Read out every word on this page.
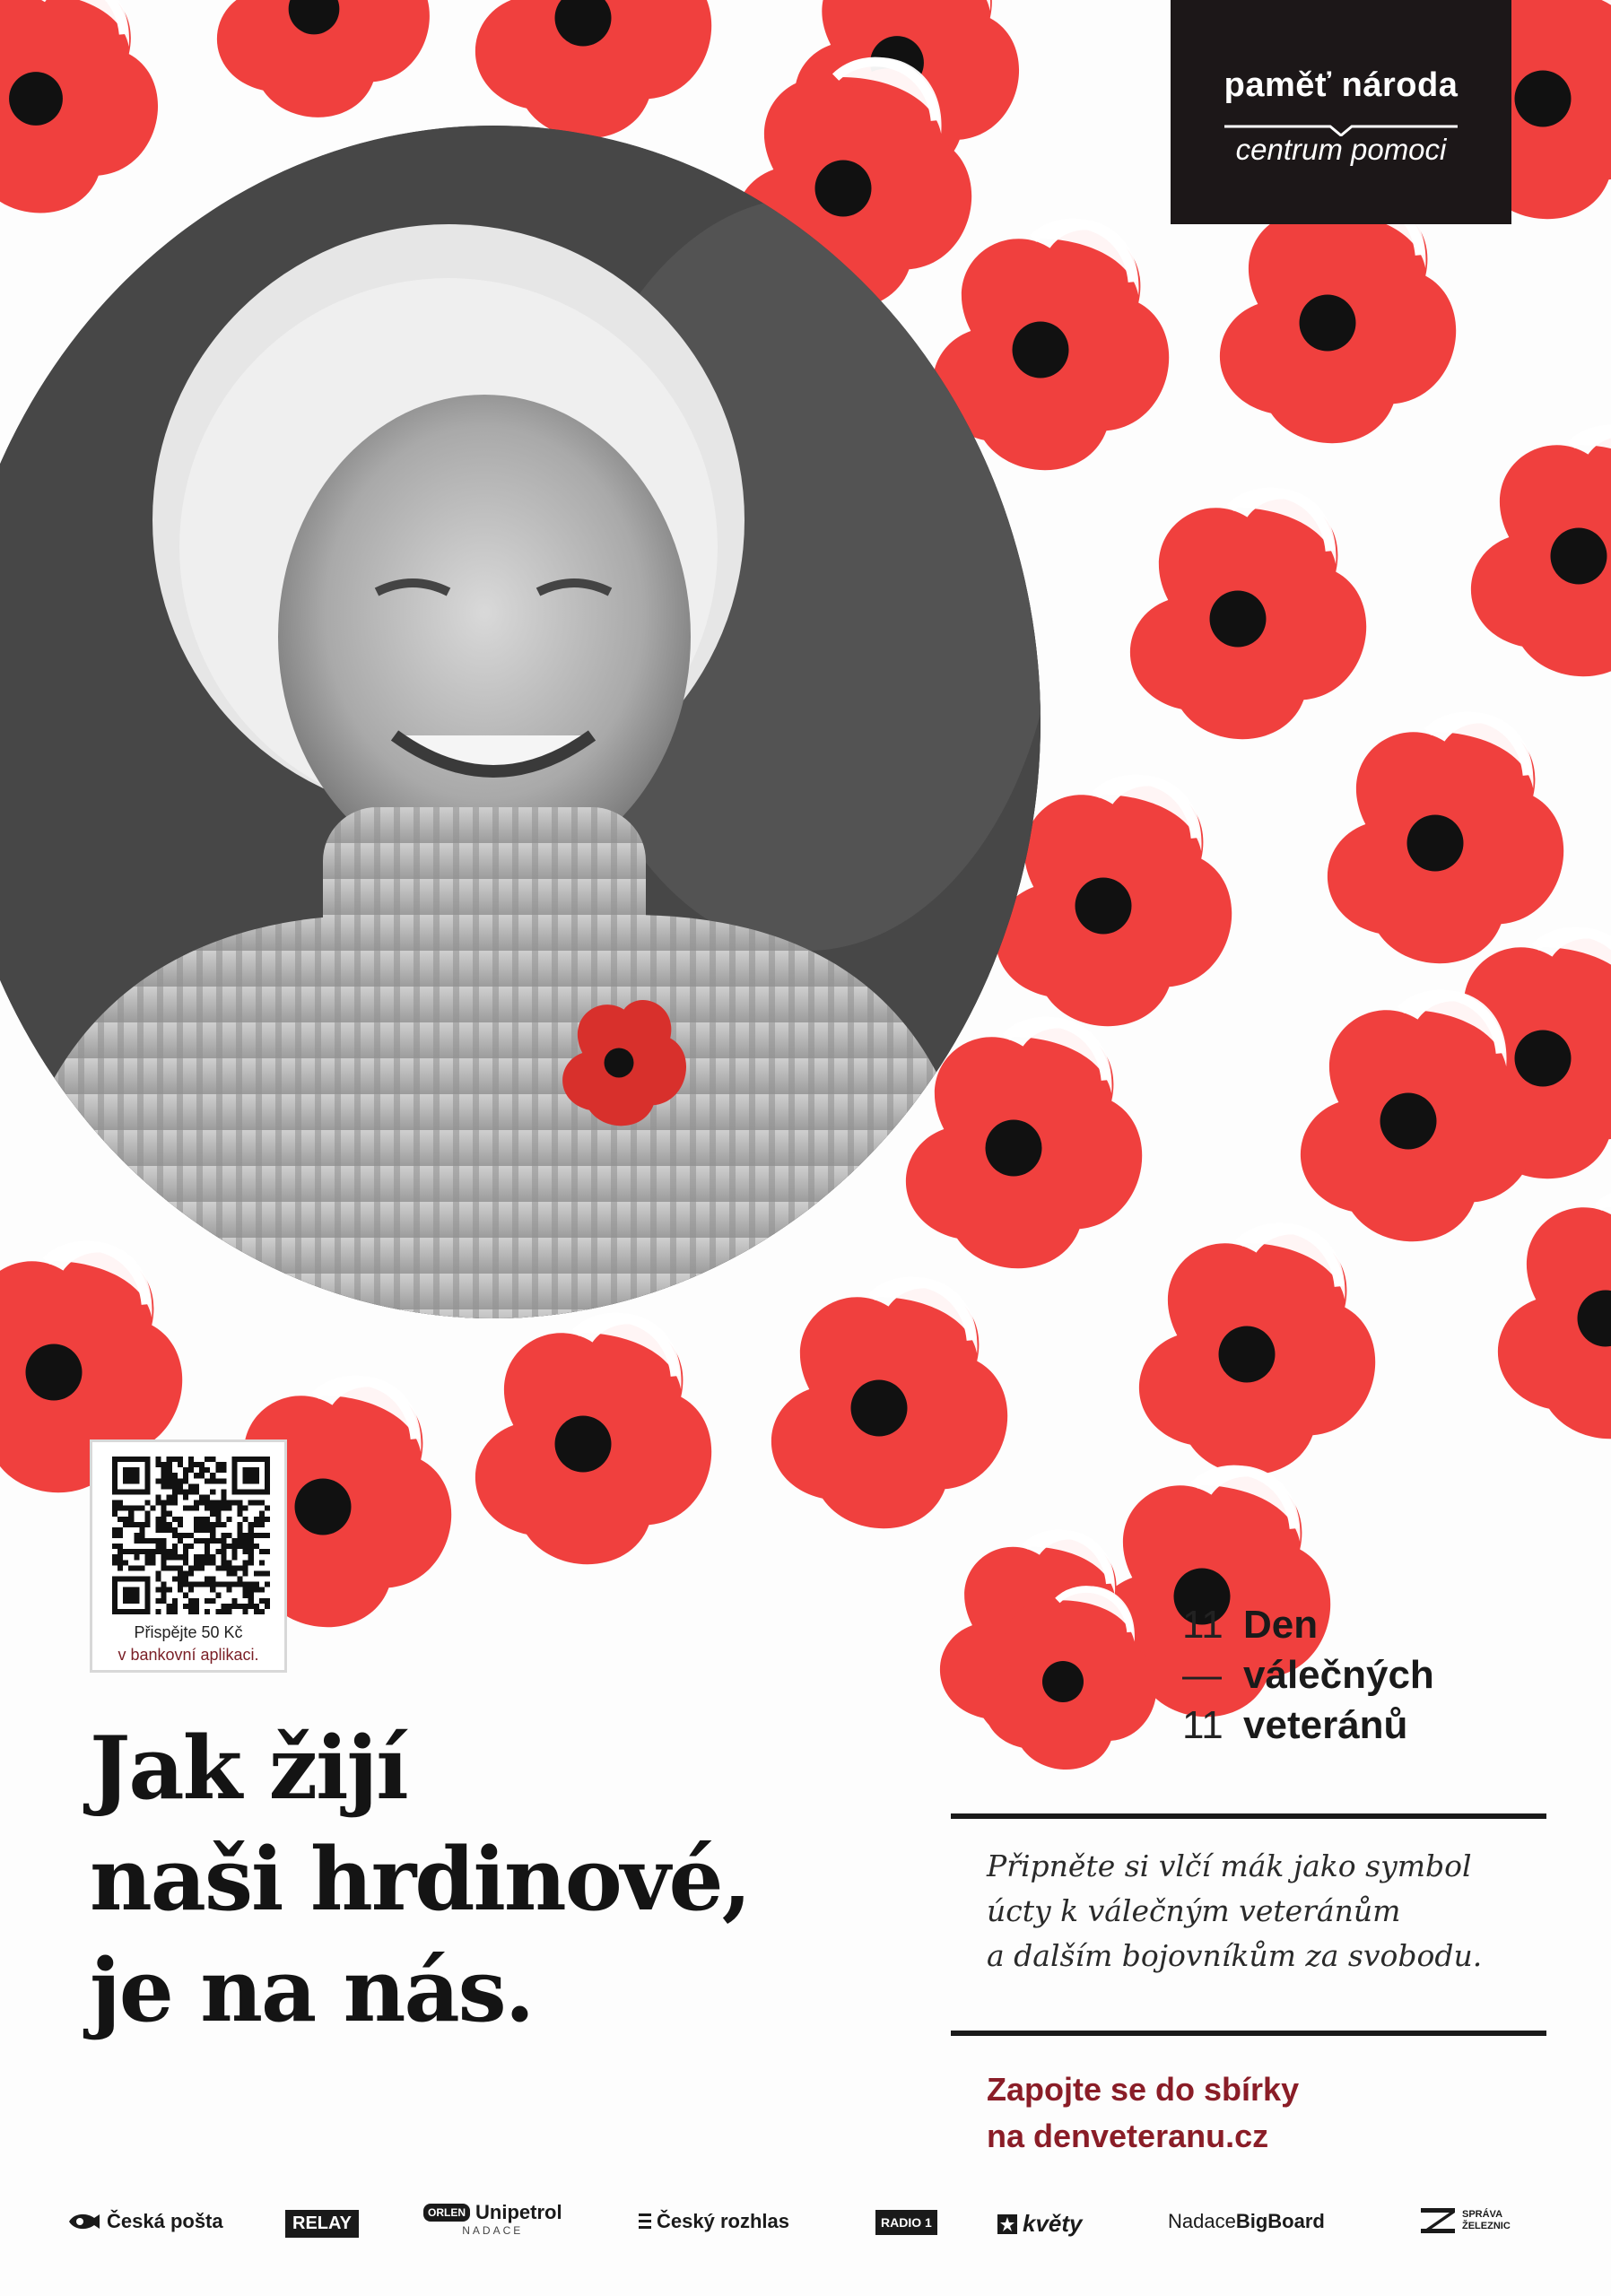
paměť národa
centrum pomoci
Přispějte 50 Kč
v bankovní aplikaci.
11 Den
— válečných
11 veteránů
Jak žijí
naši hrdinové,
je na nás.
Připněte si vlčí mák jako symbol
úcty k válečným veteránům
a dalším bojovníkům za svobodu.
Zapojte se do sbírky
na denveteranu.cz
Česká pošta	RELAY
ORLEN Unipetrol
NADACE	Český rozhlas	RADIO 1	květy	Nadace BigBoard	SPRÁVA ŽELEZNIC
